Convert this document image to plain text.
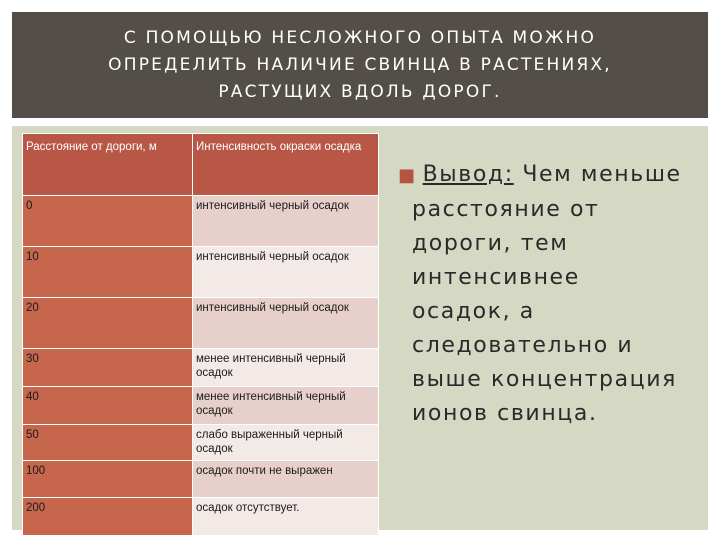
С ПОМОЩЬЮ НЕСЛОЖНОГО ОПЫТА МОЖНО
ОПРЕДЕЛИТЬ НАЛИЧИЕ СВИНЦА В РАСТЕНИЯХ,
РАСТУЩИХ ВДОЛЬ ДОРОГ.
Расстояние от дороги, м	Интенсивность окраски осадка
0	интенсивный черный осадок
10	интенсивный черный осадок
20	интенсивный черный осадок
30	менее интенсивный черный осадок
40	менее интенсивный черный осадок
50	слабо выраженный черный осадок
100	осадок почти не выражен
200	осадок отсутствует.
■ Вывод: Чем меньше
расстояние от
дороги, тем
интенсивнее
осадок, а
следовательно и
выше концентрация
ионов свинца.
